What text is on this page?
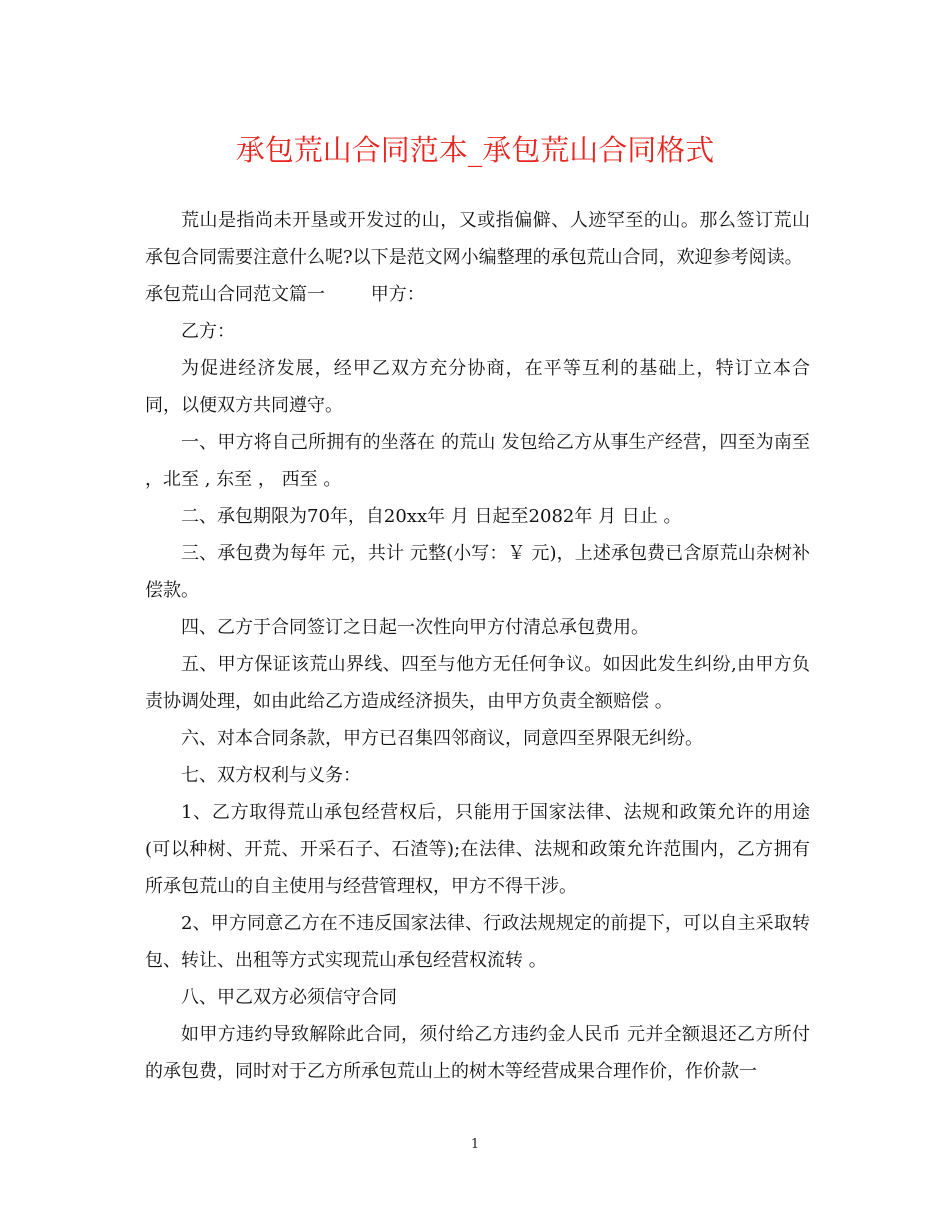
承包荒山合同范本_承包荒山合同格式

荒山是指尚未开垦或开发过的山，又或指偏僻、人迹罕至的山。那么签订荒山承包合同需要注意什么呢?以下是范文网小编整理的承包荒山合同，欢迎参考阅读。

承包荒山合同范文篇一        甲方：

乙方：

为促进经济发展，经甲乙双方充分协商，在平等互利的基础上，特订立本合同，以便双方共同遵守。

一、甲方将自己所拥有的坐落在 的荒山 发包给乙方从事生产经营，四至为南至 ，北至 , 东至 ， 西至 。

二、承包期限为70年，自20xx年 月 日起至2082年 月 日止 。

三、承包费为每年 元，共计 元整(小写：￥ 元)，上述承包费已含原荒山杂树补偿款。

四、乙方于合同签订之日起一次性向甲方付清总承包费用。

五、甲方保证该荒山界线、四至与他方无任何争议。如因此发生纠纷,由甲方负责协调处理，如由此给乙方造成经济损失，由甲方负责全额赔偿 。

六、对本合同条款，甲方已召集四邻商议，同意四至界限无纠纷。

七、双方权利与义务：

1、乙方取得荒山承包经营权后，只能用于国家法律、法规和政策允许的用途(可以种树、开荒、开采石子、石渣等);在法律、法规和政策允许范围内，乙方拥有所承包荒山的自主使用与经营管理权，甲方不得干涉。

2、甲方同意乙方在不违反国家法律、行政法规规定的前提下，可以自主采取转包、转让、出租等方式实现荒山承包经营权流转 。

八、甲乙双方必须信守合同

如甲方违约导致解除此合同，须付给乙方违约金人民币 元并全额退还乙方所付的承包费，同时对于乙方所承包荒山上的树木等经营成果合理作价，作价款一

1
